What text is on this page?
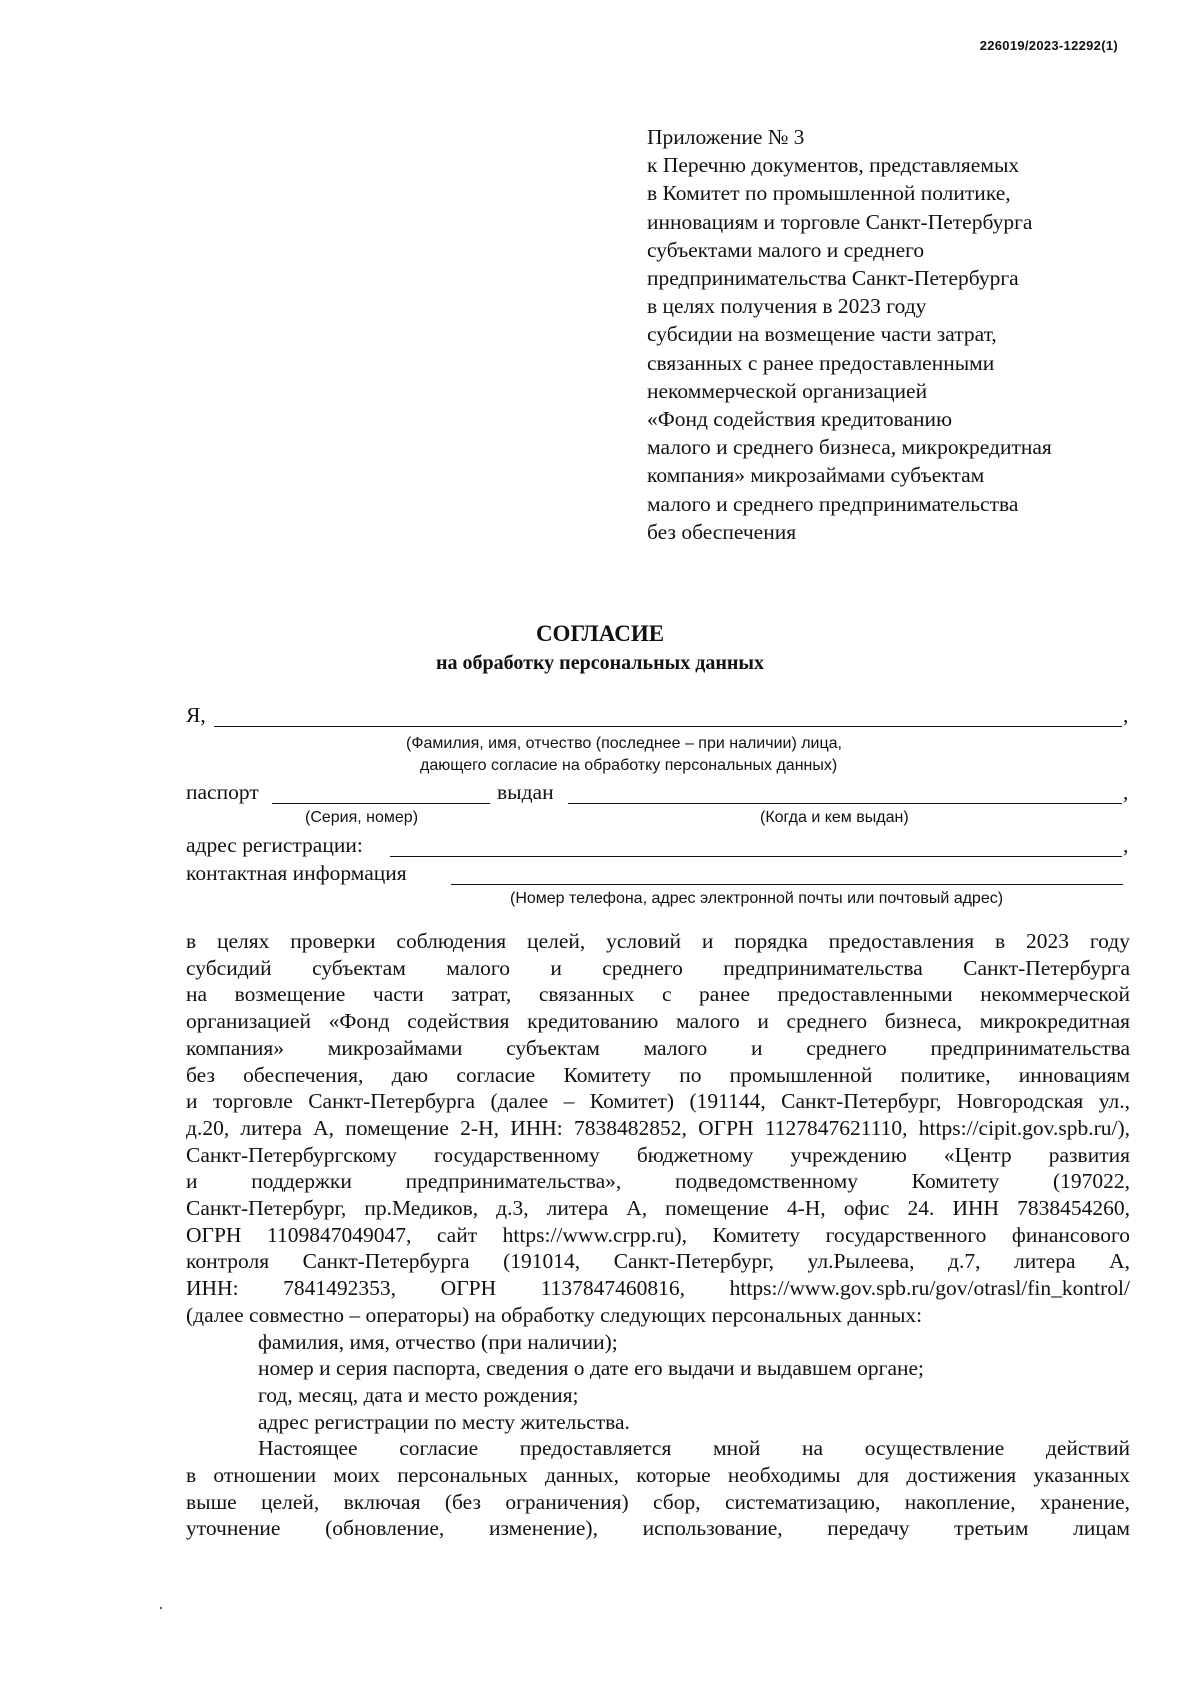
226019/2023-12292(1)
Приложение № 3
к Перечню документов, представляемых
в Комитет по промышленной политике,
инновациям и торговле Санкт-Петербурга
субъектами малого и среднего
предпринимательства Санкт-Петербурга
в целях получения в 2023 году
субсидии на возмещение части затрат,
связанных с ранее предоставленными
некоммерческой организацией
«Фонд содействия кредитованию
малого и среднего бизнеса, микрокредитная
компания» микрозаймами субъектам
малого и среднего предпринимательства
без обеспечения
СОГЛАСИЕ
на обработку персональных данных
Я,	,
(Фамилия, имя, отчество (последнее – при наличии) лица,
дающего согласие на обработку персональных данных)
паспорт	выдан	,
(Серия, номер)	(Когда и кем выдан)
адрес регистрации:	,
контактная информация
(Номер телефона, адрес электронной почты или почтовый адрес)

в целях проверки соблюдения целей, условий и порядка предоставления в 2023 году

субсидий субъектам малого и среднего предпринимательства Санкт-Петербурга

на возмещение части затрат, связанных с ранее предоставленными некоммерческой

организацией «Фонд содействия кредитованию малого и среднего бизнеса, микрокредитная

компания» микрозаймами субъектам малого и среднего предпринимательства

без обеспечения, даю согласие Комитету по промышленной политике, инновациям

и торговле Санкт-Петербурга (далее – Комитет) (191144, Санкт-Петербург, Новгородская ул.,

д.20, литера А, помещение 2-Н, ИНН: 7838482852, ОГРН 1127847621110, https://cipit.gov.spb.ru/),

Санкт-Петербургскому государственному бюджетному учреждению «Центр развития

и поддержки предпринимательства», подведомственному Комитету (197022,

Санкт-Петербург, пр.Медиков, д.3, литера А, помещение 4-Н, офис 24. ИНН 7838454260,

ОГРН 1109847049047, сайт https://www.crpp.ru), Комитету государственного финансового

контроля Санкт-Петербурга (191014, Санкт-Петербург, ул.Рылеева, д.7, литера А,

ИНН: 7841492353, ОГРН 1137847460816, https://www.gov.spb.ru/gov/otrasl/fin_kontrol/

(далее совместно – операторы) на обработку следующих персональных данных:

фамилия, имя, отчество (при наличии);

номер и серия паспорта, сведения о дате его выдачи и выдавшем органе;

год, месяц, дата и место рождения;

адрес регистрации по месту жительства.

Настоящее согласие предоставляется мной на осуществление действий

в отношении моих персональных данных, которые необходимы для достижения указанных

выше целей, включая (без ограничения) сбор, систематизацию, накопление, хранение,

уточнение (обновление, изменение), использование, передачу третьим лицам
